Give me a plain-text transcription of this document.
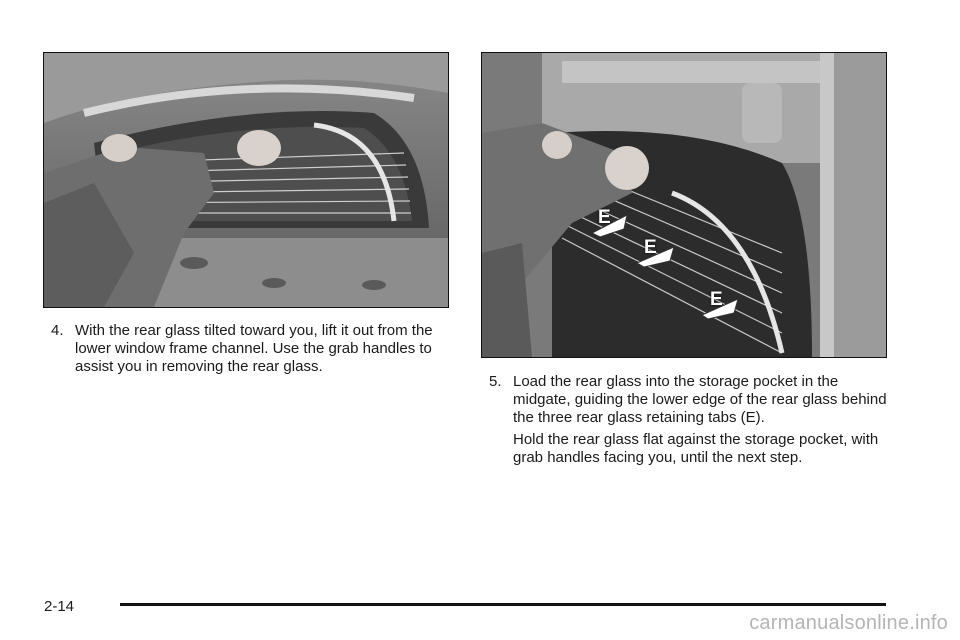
E
E
E

4. With the rear glass tilted toward you, lift it out from the lower window frame channel. Use the grab handles to assist you in removing the rear glass.

5. Load the rear glass into the storage pocket in the midgate, guiding the lower edge of the rear glass behind the three rear glass retaining tabs (E).

Hold the rear glass flat against the storage pocket, with grab handles facing you, until the next step.

2-14
carmanualsonline.info
